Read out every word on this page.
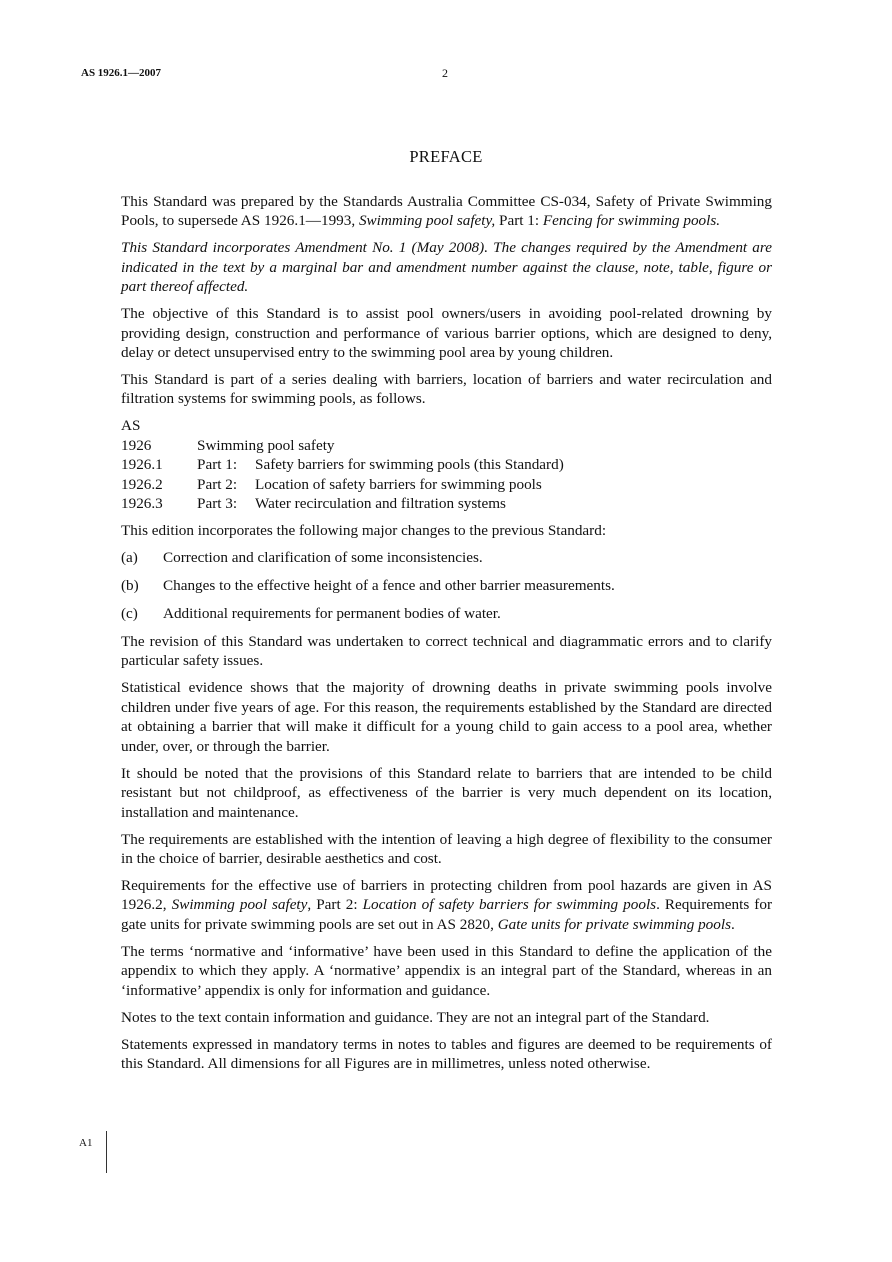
AS 1926.1—2007	2
PREFACE

This Standard was prepared by the Standards Australia Committee CS-034, Safety of Private Swimming Pools, to supersede AS 1926.1—1993, Swimming pool safety, Part 1: Fencing for swimming pools.

This Standard incorporates Amendment No. 1 (May 2008). The changes required by the Amendment are indicated in the text by a marginal bar and amendment number against the clause, note, table, figure or part thereof affected.

The objective of this Standard is to assist pool owners/users in avoiding pool-related drowning by providing design, construction and performance of various barrier options, which are designed to deny, delay or detect unsupervised entry to the swimming pool area by young children.

This Standard is part of a series dealing with barriers, location of barriers and water recirculation and filtration systems for swimming pools, as follows.

AS
1926	Swimming pool safety
1926.1	Part 1:	Safety barriers for swimming pools (this Standard)
1926.2	Part 2:	Location of safety barriers for swimming pools
1926.3	Part 3:	Water recirculation and filtration systems

This edition incorporates the following major changes to the previous Standard:

(a)	Correction and clarification of some inconsistencies.
(b)	Changes to the effective height of a fence and other barrier measurements.
(c)	Additional requirements for permanent bodies of water.

The revision of this Standard was undertaken to correct technical and diagrammatic errors and to clarify particular safety issues.

Statistical evidence shows that the majority of drowning deaths in private swimming pools involve children under five years of age. For this reason, the requirements established by the Standard are directed at obtaining a barrier that will make it difficult for a young child to gain access to a pool area, whether under, over, or through the barrier.

It should be noted that the provisions of this Standard relate to barriers that are intended to be child resistant but not childproof, as effectiveness of the barrier is very much dependent on its location, installation and maintenance.

The requirements are established with the intention of leaving a high degree of flexibility to the consumer in the choice of barrier, desirable aesthetics and cost.

Requirements for the effective use of barriers in protecting children from pool hazards are given in AS 1926.2, Swimming pool safety, Part 2: Location of safety barriers for swimming pools. Requirements for gate units for private swimming pools are set out in AS 2820, Gate units for private swimming pools.

The terms ‘normative and ‘informative’ have been used in this Standard to define the application of the appendix to which they apply. A ‘normative’ appendix is an integral part of the Standard, whereas in an ‘informative’ appendix is only for information and guidance.

Notes to the text contain information and guidance. They are not an integral part of the Standard.

Statements expressed in mandatory terms in notes to tables and figures are deemed to be requirements of this Standard. All dimensions for all Figures are in millimetres, unless noted otherwise.

A1
